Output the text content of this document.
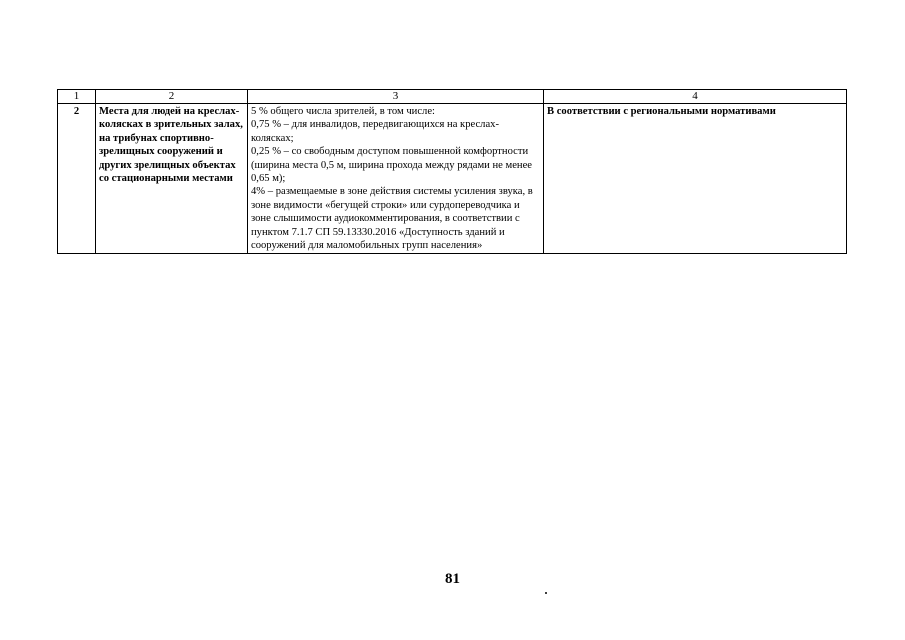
1	2	3	4
2	Места для людей на креслах-колясках в зрительных залах, на трибунах спортивно-зрелищных сооружений и других зрелищных объектах со стационарными местами	5 % общего числа зрителей, в том числе:
0,75 % – для инвалидов, передвигающихся на креслах-колясках;
0,25 % – со свободным доступом повышенной комфортности (ширина места 0,5 м, ширина прохода между рядами не менее 0,65 м);
4% – размещаемые в зоне действия системы усиления звука, в зоне видимости «бегущей строки» или сурдопереводчика и зоне слышимости аудиокомментирования, в соответствии с пунктом 7.1.7 СП 59.13330.2016 «Доступность зданий и сооружений для маломобильных групп населения»	В соответствии с региональными нормативами
81
